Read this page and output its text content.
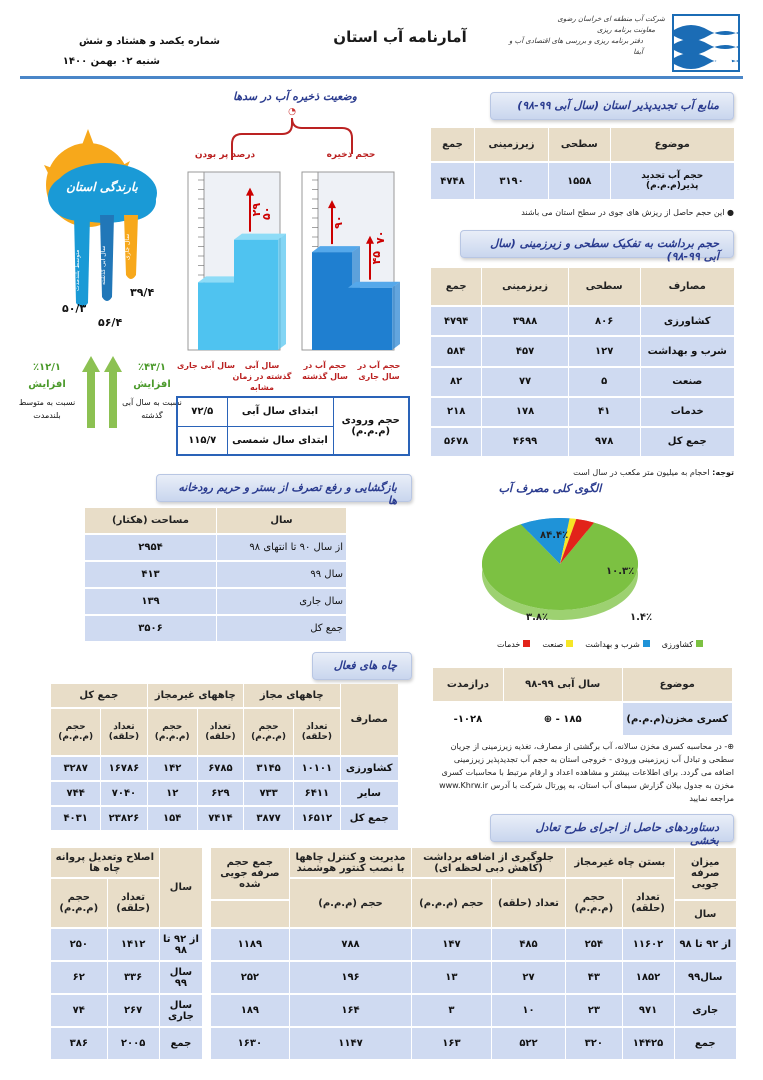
شرکت آب منطقه ای خراسان رضوی
معاونت برنامه ریزی
دفتر برنامه ریزی و بررسی های اقتصادی آب و آبفا
آمارنامه آب استان
شماره یکصد و هشتاد و شش
شنبه ۰۲ بهمن ۱۴۰۰
بارندگی استان
متوسط بلندمدت	سال آبی گذشته	سال جاری
۵۰/۳
۵۶/۴
۳۹/۴
٪۱۲/۱
افزایش
نسبت به متوسط بلندمدت
٪۴۳/۱
افزایش
نسبت به سال آبی گذشته
وضعیت ذخیره آب در سدها
◔
درصد پر بودن	حجم ذخیره
۲۹
۹۰
۴۵
۵۰
۷۰
سال آبی جاری	سال آبی گذشته در زمان مشابه
حجم آب در سال گذشته
حجم آب در سال جاری
حجم ورودی (م.م.م)	ابتدای سال آبی	۷۲/۵
	ابتدای سال شمسی	۱۱۵/۷
منابع آب تجدیدپذیر استان (سال آبی ۹۹-۹۸)
موضوع	سطحی	زیرزمینی	جمع
حجم آب تجدید پذیر(م.م.م)	۱۵۵۸	۳۱۹۰	۴۷۴۸
● این حجم حاصل از ریزش های جوی در سطح استان می باشند
حجم برداشت به تفکیک سطحی و زیرزمینی (سال آبی ۹۹-۹۸)
مصارف	سطحی	زیرزمینی	جمع
کشاورزی	۸۰۶	۳۹۸۸	۴۷۹۴
شرب و بهداشت	۱۲۷	۴۵۷	۵۸۴
صنعت	۵	۷۷	۸۲
خدمات	۴۱	۱۷۸	۲۱۸
جمع کل	۹۷۸	۴۶۹۹	۵۶۷۸
توجه: احجام به میلیون متر مکعب در سال است
الگوی کلی مصرف آب
۸۴.۴٪
۱۰.۳٪
۱.۴٪
۳.۸٪
کشاورزی
شرب و بهداشت
صنعت
خدمات
بازگشایی و رفع تصرف از بستر و حریم رودخانه ها
سال	مساحت (هکتار)
از سال ۹۰ تا انتهای ۹۸	۲۹۵۴
سال ۹۹	۴۱۳
سال جاری	۱۳۹
جمع کل	۳۵۰۶
موضوع	سال آبی ۹۹-۹۸	درازمدت
کسری مخزن(م.م.م)	۱۸۵ - ⊕	۱۰۲۸-
⊕- در محاسبه کسری مخزن سالانه، آب برگشتی از مصارف، تغذیه زیرزمینی از جریان سطحی و تبادل آب زیرزمینی ورودی - خروجی استان به حجم آب تجدیدپذیر زیرزمینی اضافه می گردد. برای اطلاعات بیشتر و مشاهده اعداد و ارقام مرتبط با محاسبات کسری مخزن به جدول بیلان گزارش سیمای آب استان، به پورتال شرکت با آدرس www.Khrw.ir مراجعه نمایید
چاه های فعال
مصارف	چاههای مجاز		چاههای غیرمجاز		جمع کل	
	تعداد (حلقه)	حجم (م.م.م)	تعداد (حلقه)	حجم (م.م.م)	تعداد (حلقه)	حجم (م.م.م)
کشاورزی	۱۰۱۰۱	۳۱۴۵	۶۷۸۵	۱۴۲	۱۶۷۸۶	۳۲۸۷
سایر	۶۴۱۱	۷۳۳	۶۲۹	۱۲	۷۰۴۰	۷۴۴
جمع کل	۱۶۵۱۲	۳۸۷۷	۷۴۱۴	۱۵۴	۲۳۸۲۶	۴۰۳۱
دستاوردهای حاصل از اجرای طرح تعادل بخشی
میزان صرفه جویی	بستن چاه غیرمجاز		جلوگیری از اضافه برداشت (کاهش دبی لحظه ای)		مدیریت و کنترل چاهها با نصب کنتور هوشمند	جمع حجم صرفه جویی شده		سال	اصلاح وتعدیل پروانه چاه ها	
	تعداد (حلقه)	حجم (م.م.م)	تعداد (حلقه)	حجم (م.م.م)	حجم (م.م.م)				تعداد (حلقه)	حجم (م.م.م)
سال										
از ۹۲ تا ۹۸	۱۱۶۰۲	۲۵۴	۴۸۵	۱۴۷	۷۸۸	۱۱۸۹		از ۹۲ تا ۹۸	۱۴۱۲	۲۵۰
سال۹۹	۱۸۵۲	۴۳	۲۷	۱۳	۱۹۶	۲۵۲		سال ۹۹	۳۳۶	۶۲
جاری	۹۷۱	۲۳	۱۰	۳	۱۶۴	۱۸۹		سال جاری	۲۶۷	۷۴
جمع	۱۴۴۲۵	۳۲۰	۵۲۲	۱۶۳	۱۱۴۷	۱۶۳۰		جمع	۲۰۰۵	۳۸۶
